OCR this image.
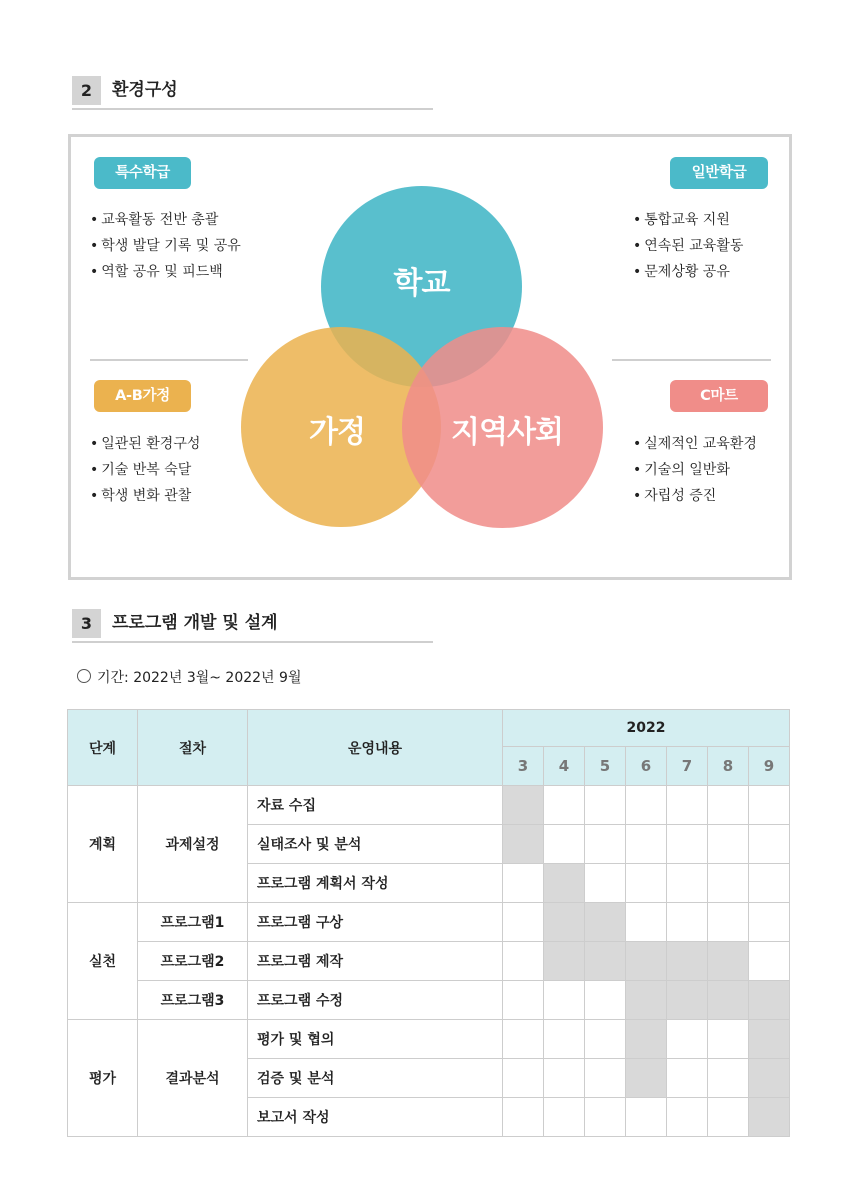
2	환경구성
특수학급
• 교육활동 전반 총괄
• 학생 발달 기록 및 공유
• 역할 공유 및 피드백
일반학급
• 통합교육 지원
• 연속된 교육활동
• 문제상황 공유
A-B가정
• 일관된 환경구성
• 기술 반복 숙달
• 학생 변화 관찰
C마트
• 실제적인 교육환경
• 기술의 일반화
• 자립성 증진
학교
가정	지역사회
3	프로그램 개발 및 설계
기간: 2022년 3월~ 2022년 9월
단계	절차	운영내용	2022						
			3	4	5	6	7	8	9
계획	과제설정	자료 수집							
		실태조사 및 분석							
		프로그램 계획서 작성							
실천	프로그램1	프로그램 구상							
	프로그램2	프로그램 제작							
	프로그램3	프로그램 수정							
평가	결과분석	평가 및 협의							
		검증 및 분석							
		보고서 작성							
